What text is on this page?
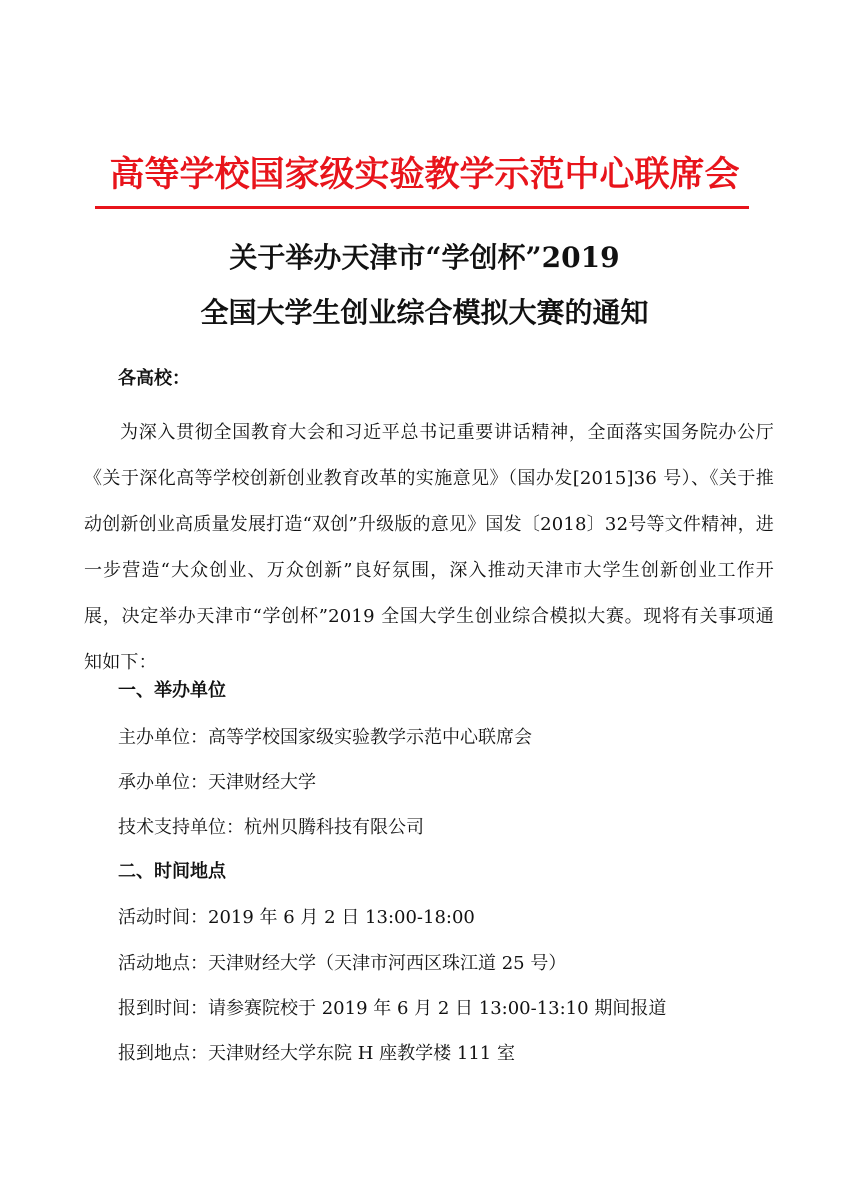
高等学校国家级实验教学示范中心联席会
关于举办天津市“学创杯”2019
全国大学生创业综合模拟大赛的通知
各高校：
为深入贯彻全国教育大会和习近平总书记重要讲话精神，全面落实国务院办公厅《关于深化高等学校创新创业教育改革的实施意见》（国办发[2015]36 号）、《关于推动创新创业高质量发展打造“双创”升级版的意见》国发〔2018〕32号等文件精神，进一步营造“大众创业、万众创新”良好氛围，深入推动天津市大学生创新创业工作开展，决定举办天津市“学创杯”2019 全国大学生创业综合模拟大赛。现将有关事项通知如下：
一、举办单位
主办单位：高等学校国家级实验教学示范中心联席会
承办单位：天津财经大学
技术支持单位：杭州贝腾科技有限公司
二、时间地点
活动时间：2019 年 6 月 2 日 13:00-18:00
活动地点：天津财经大学（天津市河西区珠江道 25 号）
报到时间：请参赛院校于 2019 年 6 月 2 日 13:00-13:10 期间报道
报到地点：天津财经大学东院 H 座教学楼 111 室
